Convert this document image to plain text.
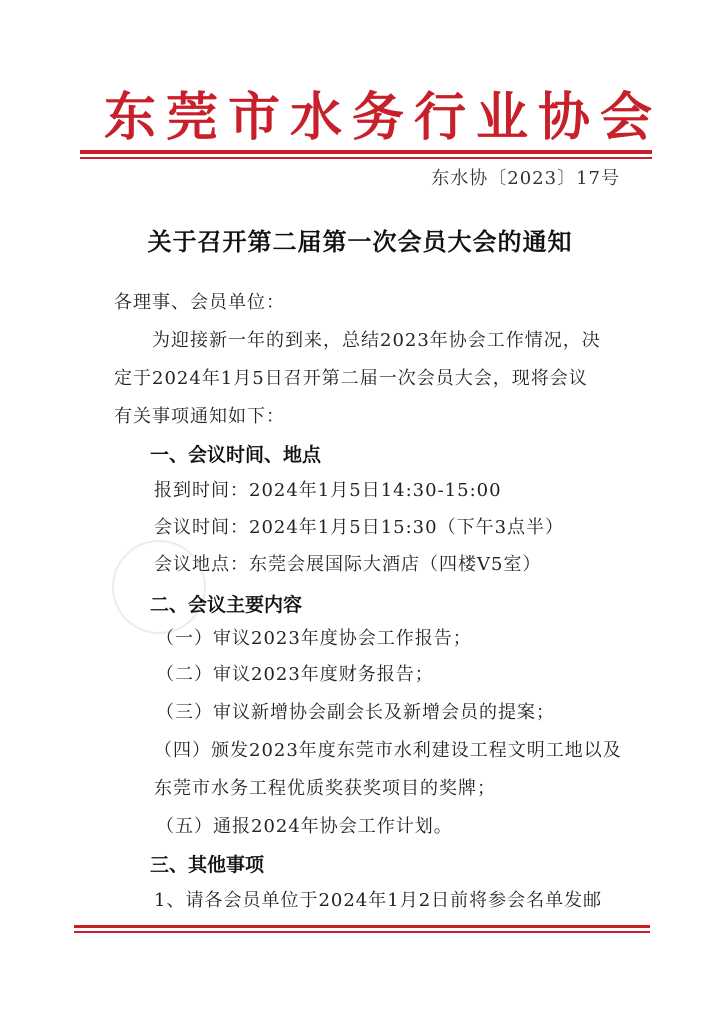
东莞市水务行业协会
东水协〔2023〕17号
关于召开第二届第一次会员大会的通知
各理事、会员单位：
为迎接新一年的到来，总结2023年协会工作情况，决
定于2024年1月5日召开第二届一次会员大会，现将会议
有关事项通知如下：
一、会议时间、地点
报到时间：2024年1月5日14:30-15:00
会议时间：2024年1月5日15:30（下午3点半）
会议地点：东莞会展国际大酒店（四楼V5室）
二、会议主要内容
（一）审议2023年度协会工作报告；
（二）审议2023年度财务报告；
（三）审议新增协会副会长及新增会员的提案；
（四）颁发2023年度东莞市水利建设工程文明工地以及
东莞市水务工程优质奖获奖项目的奖牌；
（五）通报2024年协会工作计划。
三、其他事项
1、请各会员单位于2024年1月2日前将参会名单发邮
